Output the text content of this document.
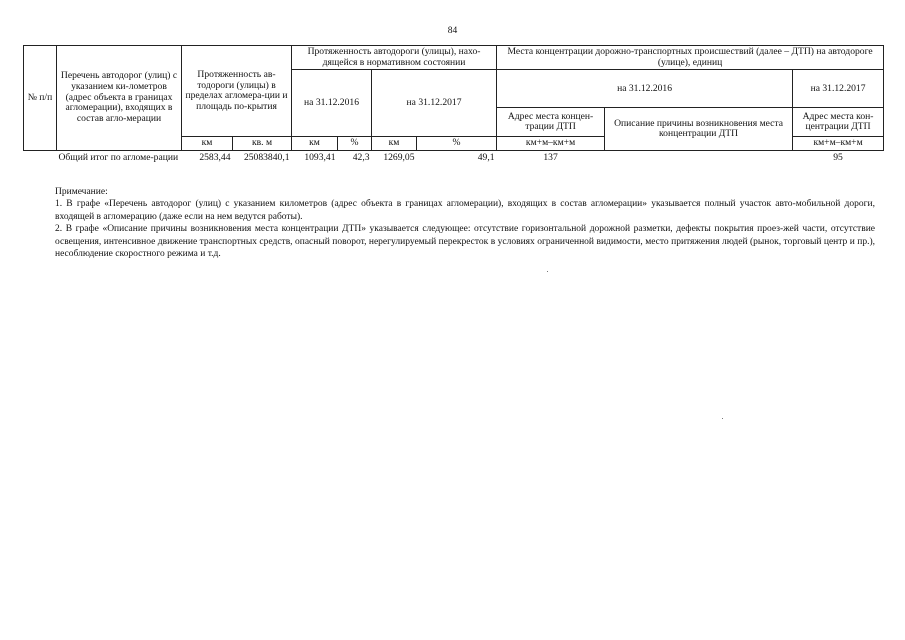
84
№ п/п	Перечень автодорог (улиц) с указанием ки-лометров (адрес объекта в границах агломерации), входящих в состав агло-мерации	Протяженность ав-тодороги (улицы) в пределах агломера-ции и площадь по-крытия		Протяженность автодороги (улицы), нахо-дящейся в нормативном состоянии				Места концентрации дорожно-транспортных происшествий (далее – ДТП) на автодороге (улице), единиц		
				на 31.12.2016		на 31.12.2017		на 31.12.2016		на 31.12.2017
								Адрес места концен-трации ДТП	Описание причины возникновения места концентрации ДТП	Адрес места кон-центрации ДТП
		км	кв. м	км	%	км	%	км+м–км+м		км+м–км+м
	Общий итог по агломе-рации	2583,44	25083840,1	1093,41	42,3	1269,05	49,1	137		95

Примечание:

1. В графе «Перечень автодорог (улиц) с указанием километров (адрес объекта в границах агломерации), входящих в состав агломерации» указывается полный участок авто-мобильной дороги, входящей в агломерацию (даже если на нем ведутся работы).

2. В графе «Описание причины возникновения места концентрации ДТП» указывается следующее: отсутствие горизонтальной дорожной разметки, дефекты покрытия проез-жей части, отсутствие освещения, интенсивное движение транспортных средств, опасный поворот, нерегулируемый перекресток в условиях ограниченной видимости, место притяжения людей (рынок, торговый центр и пр.), несоблюдение скоростного режима и т.д.
